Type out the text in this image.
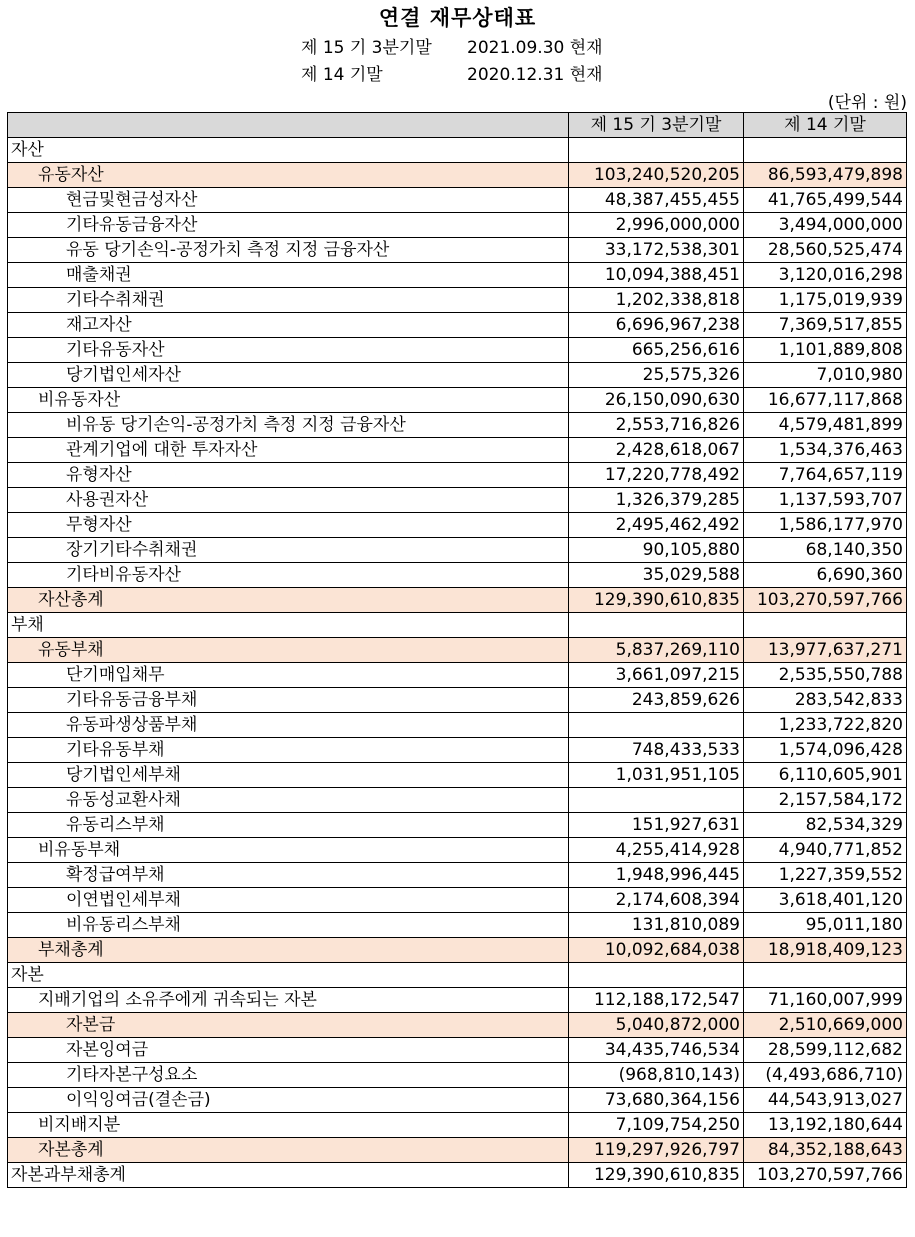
연결 재무상태표
제 15 기 3분기말 2021.09.30 현재
제 14 기말	2020.12.31 현재
(단위 : 원)
	제 15 기 3분기말	제 14 기말
자산		
유동자산	103,240,520,205	86,593,479,898
현금및현금성자산	48,387,455,455	41,765,499,544
기타유동금융자산	2,996,000,000	3,494,000,000
유동 당기손익-공정가치 측정 지정 금융자산	33,172,538,301	28,560,525,474
매출채권	10,094,388,451	3,120,016,298
기타수취채권	1,202,338,818	1,175,019,939
재고자산	6,696,967,238	7,369,517,855
기타유동자산	665,256,616	1,101,889,808
당기법인세자산	25,575,326	7,010,980
비유동자산	26,150,090,630	16,677,117,868
비유동 당기손익-공정가치 측정 지정 금융자산	2,553,716,826	4,579,481,899
관계기업에 대한 투자자산	2,428,618,067	1,534,376,463
유형자산	17,220,778,492	7,764,657,119
사용권자산	1,326,379,285	1,137,593,707
무형자산	2,495,462,492	1,586,177,970
장기기타수취채권	90,105,880	68,140,350
기타비유동자산	35,029,588	6,690,360
자산총계	129,390,610,835	103,270,597,766
부채		
유동부채	5,837,269,110	13,977,637,271
단기매입채무	3,661,097,215	2,535,550,788
기타유동금융부채	243,859,626	283,542,833
유동파생상품부채		1,233,722,820
기타유동부채	748,433,533	1,574,096,428
당기법인세부채	1,031,951,105	6,110,605,901
유동성교환사채		2,157,584,172
유동리스부채	151,927,631	82,534,329
비유동부채	4,255,414,928	4,940,771,852
확정급여부채	1,948,996,445	1,227,359,552
이연법인세부채	2,174,608,394	3,618,401,120
비유동리스부채	131,810,089	95,011,180
부채총계	10,092,684,038	18,918,409,123
자본		
지배기업의 소유주에게 귀속되는 자본	112,188,172,547	71,160,007,999
자본금	5,040,872,000	2,510,669,000
자본잉여금	34,435,746,534	28,599,112,682
기타자본구성요소	(968,810,143)	(4,493,686,710)
이익잉여금(결손금)	73,680,364,156	44,543,913,027
비지배지분	7,109,754,250	13,192,180,644
자본총계	119,297,926,797	84,352,188,643
자본과부채총계	129,390,610,835	103,270,597,766
